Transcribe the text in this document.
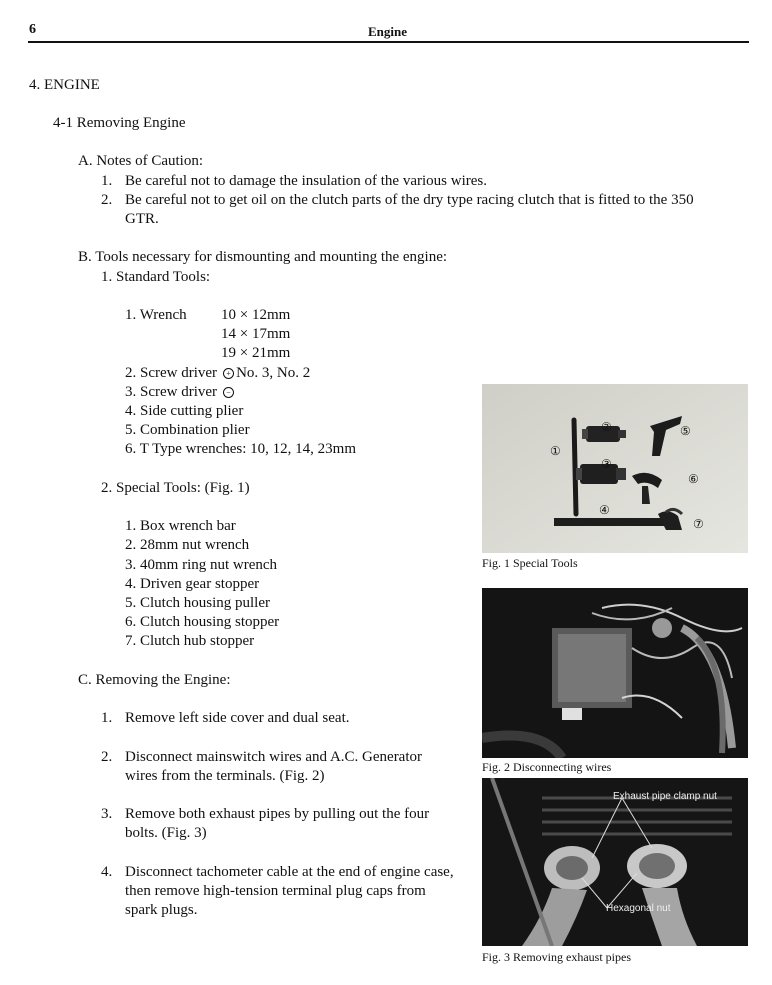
6	Engine
4. ENGINE
4-1 Removing Engine
A. Notes of Caution:
1. Be careful not to damage the insulation of the various wires.
2. Be careful not to get oil on the clutch parts of the dry type racing clutch that is fitted to the 350
GTR.
B. Tools necessary for dismounting and mounting the engine:
1. Standard Tools:
1. Wrench 10 × 12mm
14 × 17mm
19 × 21mm
2. Screw driver + No. 3, No. 2
3. Screw driver −
4. Side cutting plier
5. Combination plier
6. T Type wrenches: 10, 12, 14, 23mm
2. Special Tools: (Fig. 1)
1. Box wrench bar
2. 28mm nut wrench
3. 40mm ring nut wrench
4. Driven gear stopper
5. Clutch housing puller
6. Clutch housing stopper
7. Clutch hub stopper
C. Removing the Engine:
1. Remove left side cover and dual seat.
2. Disconnect mainswitch wires and A.C. Generator
wires from the terminals. (Fig. 2)
3. Remove both exhaust pipes by pulling out the four
bolts. (Fig. 3)
4. Disconnect tachometer cable at the end of engine case,
then remove high-tension terminal plug caps from
spark plugs.
①
②
③
④
⑤
⑥
⑦
Fig. 1 Special Tools
Fig. 2 Disconnecting wires
Exhaust pipe clamp nut
Hexagonal nut
Fig. 3 Removing exhaust pipes
